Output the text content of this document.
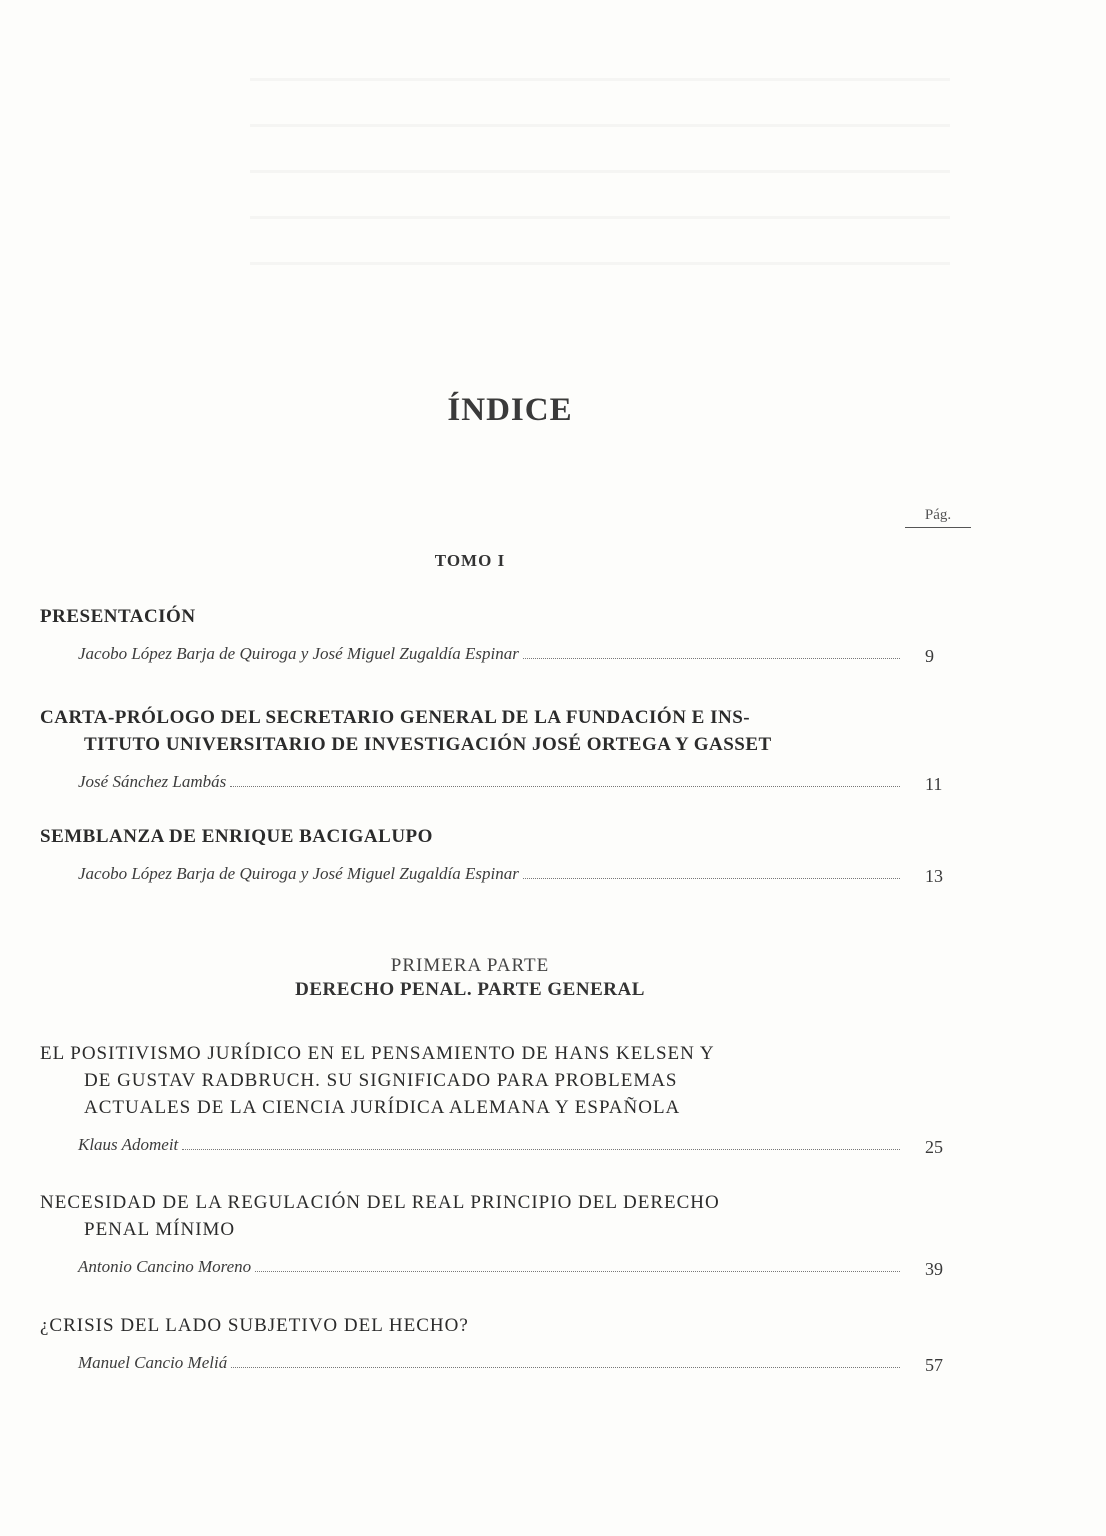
ÍNDICE
Pág.
TOMO I

PRESENTACIÓN

Jacobo López Barja de Quiroga y José Miguel Zugaldía Espinar	9

CARTA-PRÓLOGO DEL SECRETARIO GENERAL DE LA FUNDACIÓN E INS-
TITUTO UNIVERSITARIO DE INVESTIGACIÓN JOSÉ ORTEGA Y GASSET

José Sánchez Lambás	11

SEMBLANZA DE ENRIQUE BACIGALUPO

Jacobo López Barja de Quiroga y José Miguel Zugaldía Espinar	13
PRIMERA PARTE
DERECHO PENAL. PARTE GENERAL

EL POSITIVISMO JURÍDICO EN EL PENSAMIENTO DE HANS KELSEN Y
DE GUSTAV RADBRUCH. SU SIGNIFICADO PARA PROBLEMAS
ACTUALES DE LA CIENCIA JURÍDICA ALEMANA Y ESPAÑOLA

Klaus Adomeit	25

NECESIDAD DE LA REGULACIÓN DEL REAL PRINCIPIO DEL DERECHO
PENAL MÍNIMO

Antonio Cancino Moreno	39

¿CRISIS DEL LADO SUBJETIVO DEL HECHO?

Manuel Cancio Meliá	57
